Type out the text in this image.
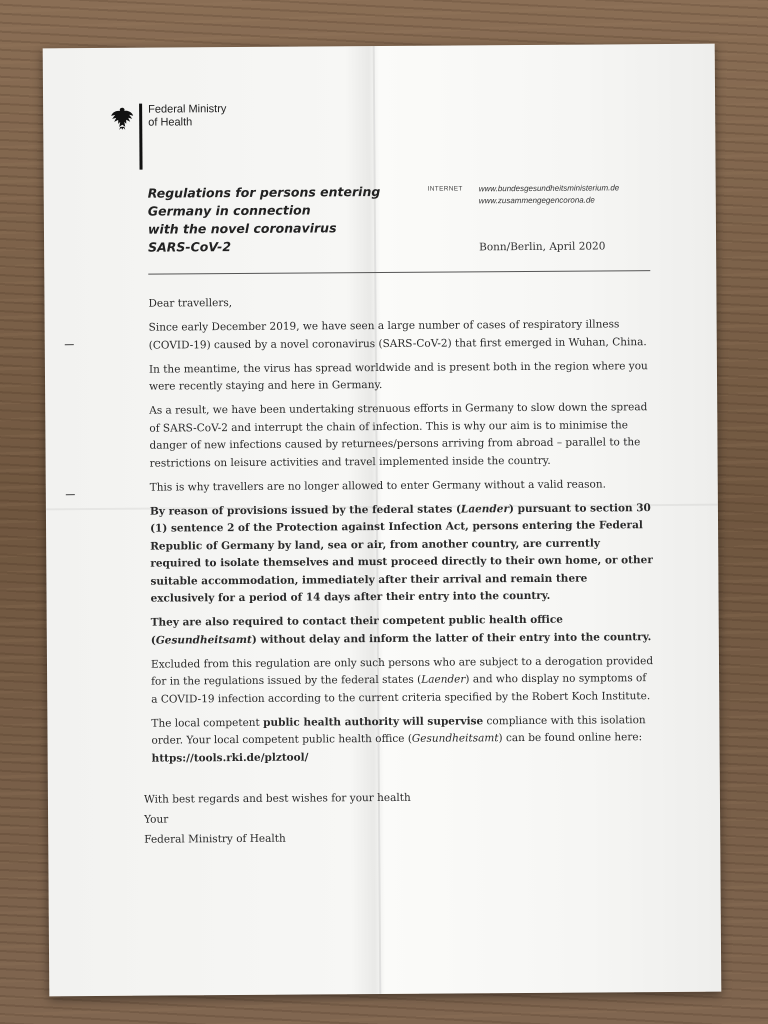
Federal Ministry
of Health
Regulations for persons entering
Germany in connection
with the novel coronavirus
SARS-CoV-2
INTERNET www.bundesgesundheitsministerium.de
www.zusammengegencorona.de
Bonn/Berlin, April 2020

Dear travellers,

Since early December 2019, we have seen a large number of cases of respiratory illness (COVID-19) caused by a novel coronavirus (SARS-CoV-2) that first emerged in Wuhan, China.

In the meantime, the virus has spread worldwide and is present both in the region where you were recently staying and here in Germany.

As a result, we have been undertaking strenuous efforts in Germany to slow down the spread of SARS-CoV-2 and interrupt the chain of infection. This is why our aim is to minimise the danger of new infections caused by returnees/persons arriving from abroad – parallel to the restrictions on leisure activities and travel implemented inside the country.

This is why travellers are no longer allowed to enter Germany without a valid reason.

By reason of provisions issued by the federal states (Laender) pursuant to section 30 (1) sentence 2 of the Protection against Infection Act, persons entering the Federal Republic of Germany by land, sea or air, from another country, are currently required to isolate themselves and must proceed directly to their own home, or other suitable accommodation, immediately after their arrival and remain there exclusively for a period of 14 days after their entry into the country.

They are also required to contact their competent public health office (Gesundheitsamt) without delay and inform the latter of their entry into the country.

Excluded from this regulation are only such persons who are subject to a derogation provided for in the regulations issued by the federal states (Laender) and who display no symptoms of a COVID-19 infection according to the current criteria specified by the Robert Koch Institute.

The local competent public health authority will supervise compliance with this isolation order. Your local competent public health office (Gesundheitsamt) can be found online here:
https://tools.rki.de/plztool/

With best regards and best wishes for your health
Your
Federal Ministry of Health
